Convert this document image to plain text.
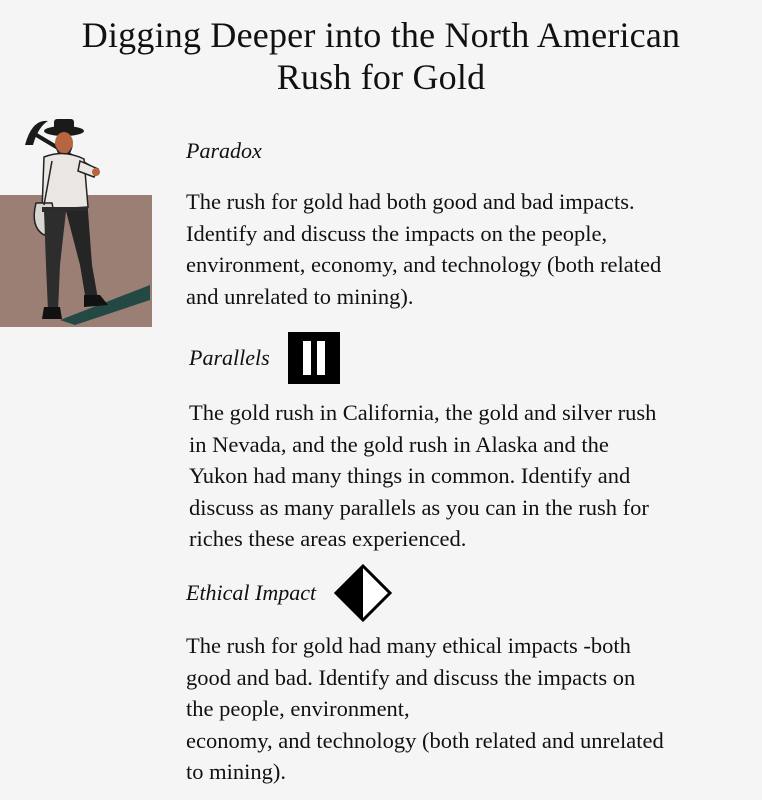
Digging Deeper into the North American
Rush for Gold
Paradox
The rush for gold had both good and bad impacts.
Identify and discuss the impacts on the people,
environment, economy, and technology (both related
and unrelated to mining).
Parallels
The gold rush in California, the gold and silver rush
in Nevada, and the gold rush in Alaska and the
Yukon had many things in common. Identify and
discuss as many parallels as you can in the rush for
riches these areas experienced.
Ethical Impact
The rush for gold had many ethical impacts -both
good and bad. Identify and discuss the impacts on
the people, environment,
economy, and technology (both related and unrelated
to mining).
